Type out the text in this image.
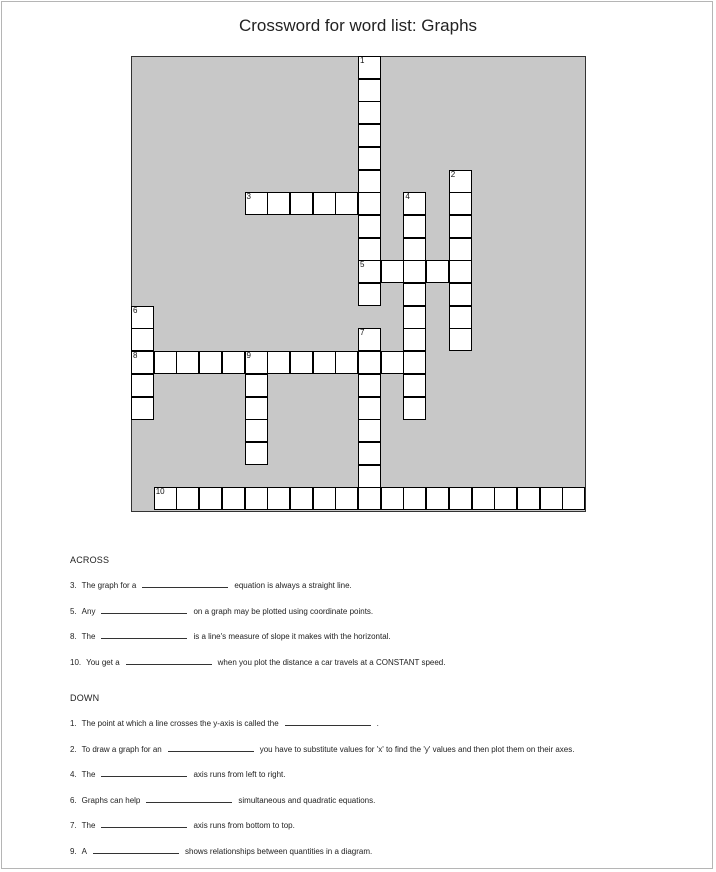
Crossword for word list: Graphs
1
2
3	4
5
6
8	9
7
10
ACROSS
3. The graph for a	equation is always a straight line.
5. Any	on a graph may be plotted using coordinate points.
8. The	is a line's measure of slope it makes with the horizontal.
10. You get a	when you plot the distance a car travels at a CONSTANT speed.
DOWN
1. The point at which a line crosses the y-axis is called the	.
2. To draw a graph for an	you have to substitute values for 'x' to find the 'y' values and then plot them on their axes.
4. The	axis runs from left to right.
6. Graphs can help	simultaneous and quadratic equations.
7. The	axis runs from bottom to top.
9. A	shows relationships between quantities in a diagram.
